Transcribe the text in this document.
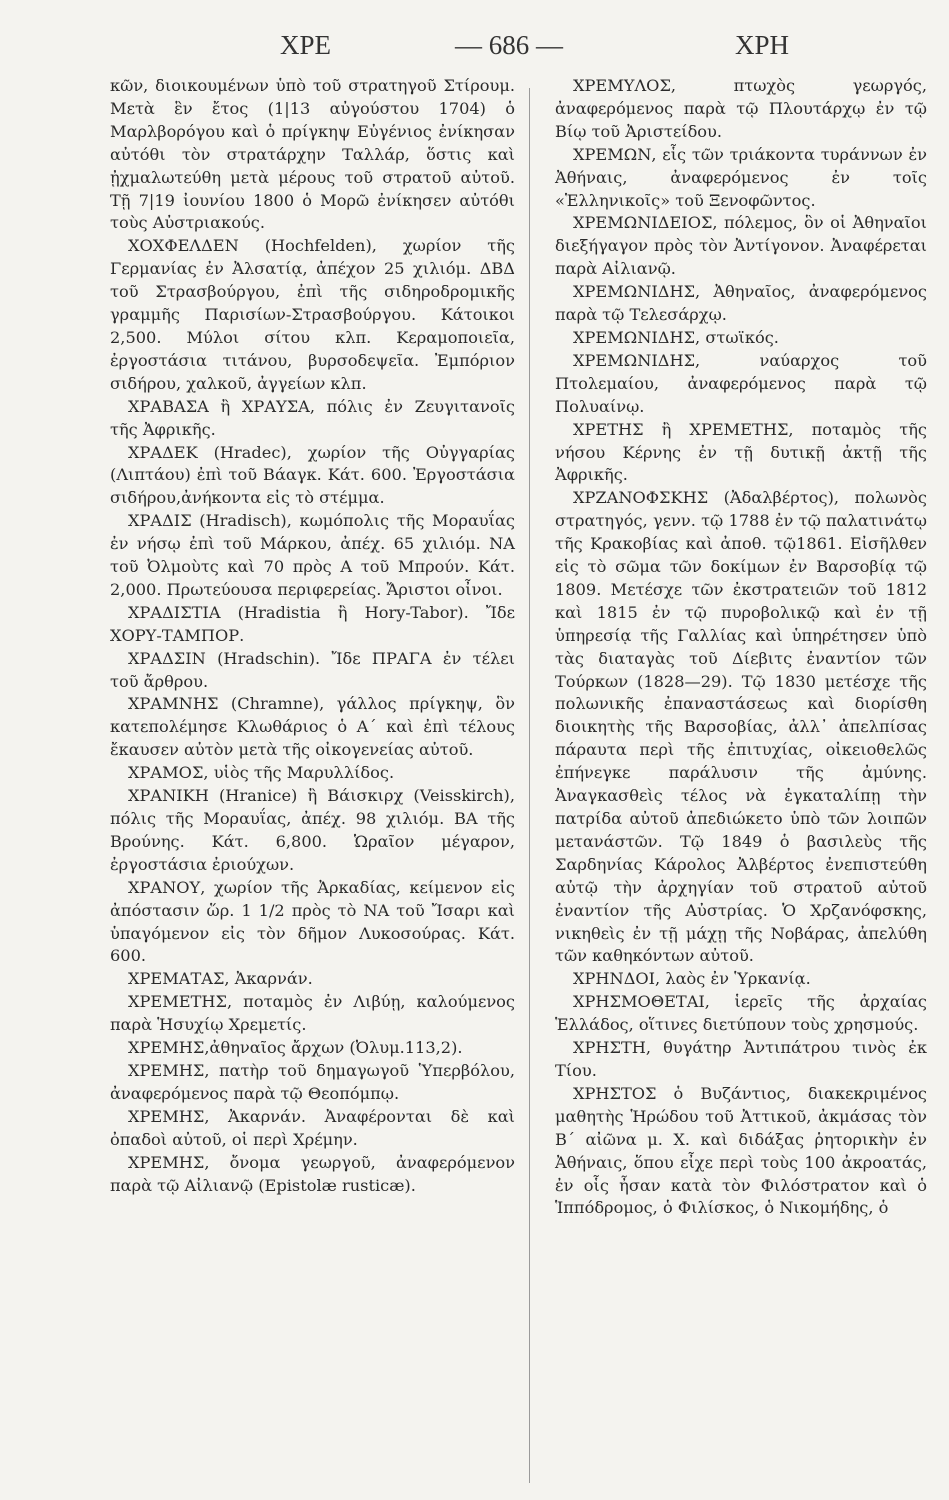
ΧΡΕ	— 686 —	ΧΡΗ

κῶν, διοικουμένων ὑπὸ τοῦ στρατηγοῦ Στίρουμ. Μετὰ ἓν ἔτος (1|13 αὐγούστου 1704) ὁ Μαρλβορόγου καὶ ὁ πρίγκηψ Εὐγένιος ἐνίκησαν αὐτόθι τὸν στρατάρχην Ταλλάρ, ὅστις καὶ ᾐχμαλωτεύθη μετὰ μέρους τοῦ στρατοῦ αὐτοῦ. Τῇ 7|19 ἰουνίου 1800 ὁ Μορῶ ἐνίκησεν αὐτόθι τοὺς Αὐστριακούς.

ΧΟΧΦΕΛΔΕΝ (Hochfelden), χωρίον τῆς Γερμανίας ἐν Ἀλσατίᾳ, ἀπέχον 25 χιλιόμ. ΔΒΔ τοῦ Στρασβούργου, ἐπὶ τῆς σιδηροδρομικῆς γραμμῆς Παρισίων-Στρασβούργου. Κάτοικοι 2,500. Μύλοι σίτου κλπ. Κεραμοποιεῖα, ἐργοστάσια τιτάνου, βυρσοδεψεῖα. Ἐμπόριον σιδήρου, χαλκοῦ, ἀγγείων κλπ.

ΧΡΑΒΑΣΑ ἢ ΧΡΑΥΣΑ, πόλις ἐν Ζευγιτανοῖς τῆς Ἀφρικῆς.

ΧΡΑΔΕΚ (Hradec), χωρίον τῆς Οὐγγαρίας (Λιπτάου) ἐπὶ τοῦ Βάαγκ. Κάτ. 600. Ἐργοστάσια σιδήρου,ἀνήκοντα εἰς τὸ στέμμα.

ΧΡΑΔΙΣ (Hradisch), κωμόπολις τῆς Μοραυΐας ἐν νήσῳ ἐπὶ τοῦ Μάρκου, ἀπέχ. 65 χιλιόμ. ΝΑ τοῦ Ὀλμοὺτς καὶ 70 πρὸς Α τοῦ Μπρούν. Κάτ. 2,000. Πρωτεύουσα περιφερείας. Ἄριστοι οἶνοι.

ΧΡΑΔΙΣΤΙΑ (Hradistia ἢ Hory-Tabor). Ἴδε ΧΟΡΥ-ΤΑΜΠΟΡ.

ΧΡΑΔΣΙΝ (Hradschin). Ἴδε ΠΡΑΓΑ ἐν τέλει τοῦ ἄρθρου.

ΧΡΑΜΝΗΣ (Chramne), γάλλος πρίγκηψ, ὃν κατεπολέμησε Κλωθάριος ὁ Α΄ καὶ ἐπὶ τέλους ἔκαυσεν αὐτὸν μετὰ τῆς οἰκογενείας αὐτοῦ.

ΧΡΑΜΟΣ, υἱὸς τῆς Μαρυλλίδος.

ΧΡΑΝΙΚΗ (Hranice) ἢ Βάισκιρχ (Veisskirch), πόλις τῆς Μοραυΐας, ἀπέχ. 98 χιλιόμ. ΒΑ τῆς Βρούνης. Κάτ. 6,800. Ὡραῖον μέγαρον, ἐργοστάσια ἐριούχων.

ΧΡΑΝΟΥ, χωρίον τῆς Ἀρκαδίας, κείμενον εἰς ἀπόστασιν ὥρ. 1 1/2 πρὸς τὸ ΝΑ τοῦ Ἴσαρι καὶ ὑπαγόμενον εἰς τὸν δῆμον Λυκοσούρας. Κάτ. 600.

ΧΡΕΜΑΤΑΣ, Ἀκαρνάν.

ΧΡΕΜΕΤΗΣ, ποταμὸς ἐν Λιβύῃ, καλούμενος παρὰ Ἡσυχίῳ Χρεμετίς.

ΧΡΕΜΗΣ,ἀθηναῖος ἄρχων (Ὀλυμ.113,2).

ΧΡΕΜΗΣ, πατὴρ τοῦ δημαγωγοῦ Ὑπερβόλου, ἀναφερόμενος παρὰ τῷ Θεοπόμπῳ.

ΧΡΕΜΗΣ, Ἀκαρνάν. Ἀναφέρονται δὲ καὶ ὀπαδοὶ αὐτοῦ, οἱ περὶ Χρέμην.

ΧΡΕΜΗΣ, ὄνομα γεωργοῦ, ἀναφερόμενον παρὰ τῷ Αἰλιανῷ (Epistolæ rusticæ).

ΧΡΕΜΥΛΟΣ, πτωχὸς γεωργός, ἀναφερόμενος παρὰ τῷ Πλουτάρχῳ ἐν τῷ Βίῳ τοῦ Ἀριστείδου.

ΧΡΕΜΩΝ, εἷς τῶν τριάκοντα τυράννων ἐν Ἀθήναις, ἀναφερόμενος ἐν τοῖς «Ἑλληνικοῖς» τοῦ Ξενοφῶντος.

ΧΡΕΜΩΝΙΔΕΙΟΣ, πόλεμος, ὃν οἱ Ἀθηναῖοι διεξήγαγον πρὸς τὸν Ἀντίγονον. Ἀναφέρεται παρὰ Αἰλιανῷ.

ΧΡΕΜΩΝΙΔΗΣ, Ἀθηναῖος, ἀναφερόμενος παρὰ τῷ Τελεσάρχῳ.

ΧΡΕΜΩΝΙΔΗΣ, στωϊκός.

ΧΡΕΜΩΝΙΔΗΣ, ναύαρχος τοῦ Πτολεμαίου, ἀναφερόμενος παρὰ τῷ Πολυαίνῳ.

ΧΡΕΤΗΣ ἢ ΧΡΕΜΕΤΗΣ, ποταμὸς τῆς νήσου Κέρνης ἐν τῇ δυτικῇ ἀκτῇ τῆς Ἀφρικῆς.

ΧΡΖΑΝΟΦΣΚΗΣ (Ἀδαλβέρτος), πολωνὸς στρατηγός, γενν. τῷ 1788 ἐν τῷ παλατινάτῳ τῆς Κρακοβίας καὶ ἀποθ. τῷ1861. Εἰσῆλθεν εἰς τὸ σῶμα τῶν δοκίμων ἐν Βαρσοβίᾳ τῷ 1809. Μετέσχε τῶν ἐκστρατειῶν τοῦ 1812 καὶ 1815 ἐν τῷ πυροβολικῷ καὶ ἐν τῇ ὑπηρεσίᾳ τῆς Γαλλίας καὶ ὑπηρέτησεν ὑπὸ τὰς διαταγὰς τοῦ Δίεβιτς ἐναντίον τῶν Τούρκων (1828—29). Τῷ 1830 μετέσχε τῆς πολωνικῆς ἐπαναστάσεως καὶ διορίσθη διοικητὴς τῆς Βαρσοβίας, ἀλλ᾽ ἀπελπίσας πάραυτα περὶ τῆς ἐπιτυχίας, οἰκειοθελῶς ἐπήνεγκε παράλυσιν τῆς ἀμύνης. Ἀναγκασθεὶς τέλος νὰ ἐγκαταλίπῃ τὴν πατρίδα αὐτοῦ ἀπεδιώκετο ὑπὸ τῶν λοιπῶν μετανάστῶν. Τῷ 1849 ὁ βασιλεὺς τῆς Σαρδηνίας Κάρολος Ἀλβέρτος ἐνεπιστεύθη αὐτῷ τὴν ἀρχηγίαν τοῦ στρατοῦ αὐτοῦ ἐναντίον τῆς Αὐστρίας. Ὁ Χρζανόφσκης, νικηθεὶς ἐν τῇ μάχῃ τῆς Νοβάρας, ἀπελύθη τῶν καθηκόντων αὐτοῦ.

ΧΡΗΝΔΟΙ, λαὸς ἐν Ὑρκανίᾳ.

ΧΡΗΣΜΟΘΕΤΑΙ, ἱερεῖς τῆς ἀρχαίας Ἑλλάδος, οἵτινες διετύπουν τοὺς χρησμούς.

ΧΡΗΣΤΗ, θυγάτηρ Ἀντιπάτρου τινὸς ἐκ Τίου.

ΧΡΗΣΤΟΣ ὁ Βυζάντιος, διακεκριμένος μαθητὴς Ἡρώδου τοῦ Ἀττικοῦ, ἀκμάσας τὸν Β΄ αἰῶνα μ. Χ. καὶ διδάξας ῥητορικὴν ἐν Ἀθήναις, ὅπου εἶχε περὶ τοὺς 100 ἀκροατάς, ἐν οἷς ἦσαν κατὰ τὸν Φιλόστρατον καὶ ὁ Ἱππόδρομος, ὁ Φιλίσκος, ὁ Νικομήδης, ὁ
